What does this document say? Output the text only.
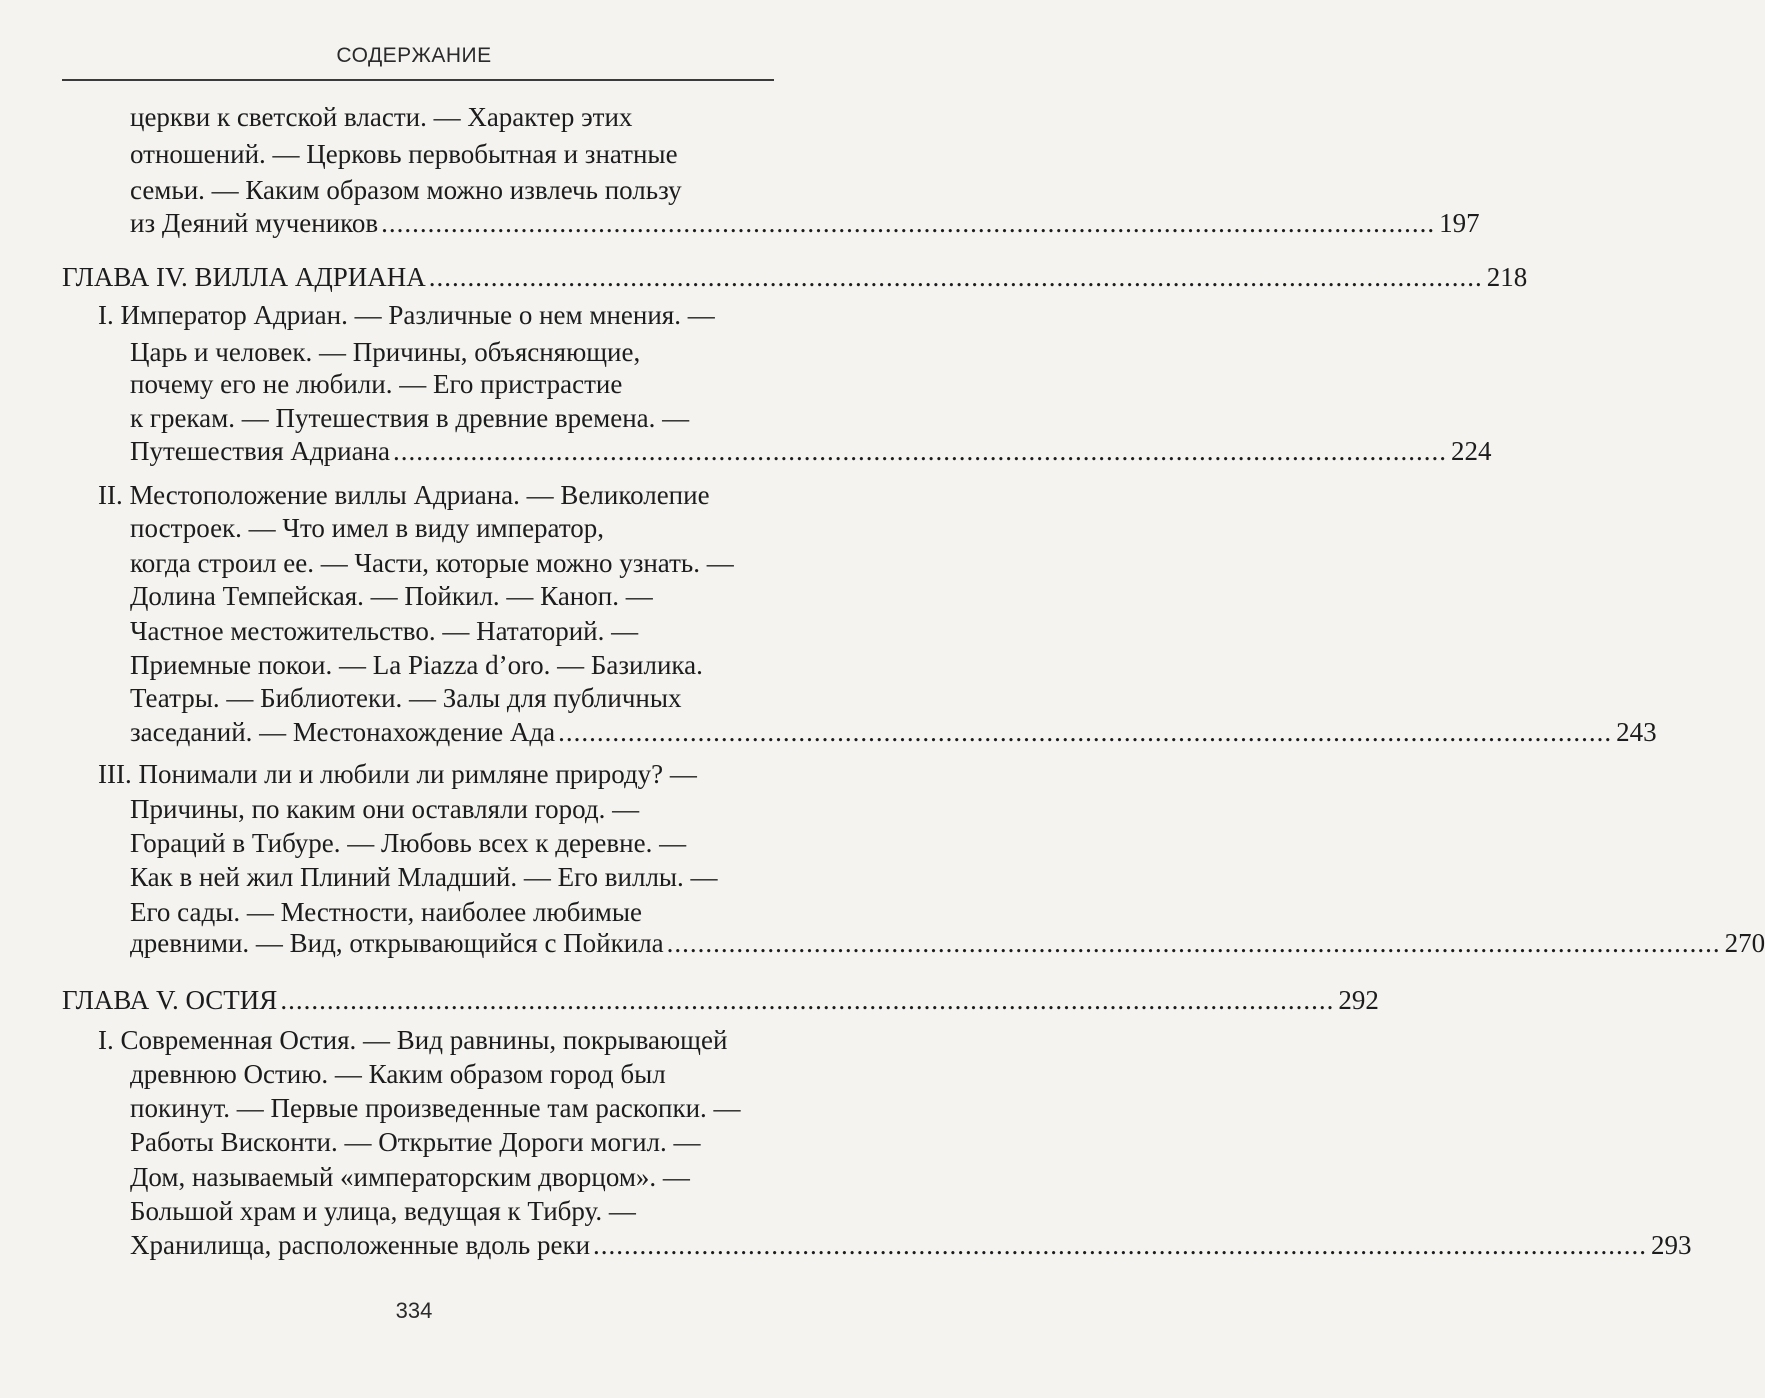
СОДЕРЖАНИЕ
церкви к светской власти. — Характер этих
отношений. — Церковь первобытная и знатные
семьи. — Каким образом можно извлечь пользу
из Деяний мучеников ........................................................................................................................................ 197
ГЛАВА IV. ВИЛЛА АДРИАНА ........................................................................................................................................ 218
I. Император Адриан. — Различные о нем мнения. —
Царь и человек. — Причины, объясняющие,
почему его не любили. — Его пристрастие
к грекам. — Путешествия в древние времена. —
Путешествия Адриана ........................................................................................................................................ 224
II. Местоположение виллы Адриана. — Великолепие
построек. — Что имел в виду император,
когда строил ее. — Части, которые можно узнать. —
Долина Темпейская. — Пойкил. — Каноп. —
Частное местожительство. — Нататорий. —
Приемные покои. — La Piazza d’oro. — Базилика.
Театры. — Библиотеки. — Залы для публичных
заседаний. — Местонахождение Ада ........................................................................................................................................ 243
III. Понимали ли и любили ли римляне природу? —
Причины, по каким они оставляли город. —
Гораций в Тибуре. — Любовь всех к деревне. —
Как в ней жил Плиний Младший. — Его виллы. —
Его сады. — Местности, наиболее любимые
древними. — Вид, открывающийся с Пойкила ........................................................................................................................................ 270
ГЛАВА V. ОСТИЯ ........................................................................................................................................ 292
I. Современная Остия. — Вид равнины, покрывающей
древнюю Остию. — Каким образом город был
покинут. — Первые произведенные там раскопки. —
Работы Висконти. — Открытие Дороги могил. —
Дом, называемый «императорским дворцом». —
Большой храм и улица, ведущая к Тибру. —
Хранилища, расположенные вдоль реки ........................................................................................................................................ 293
334
